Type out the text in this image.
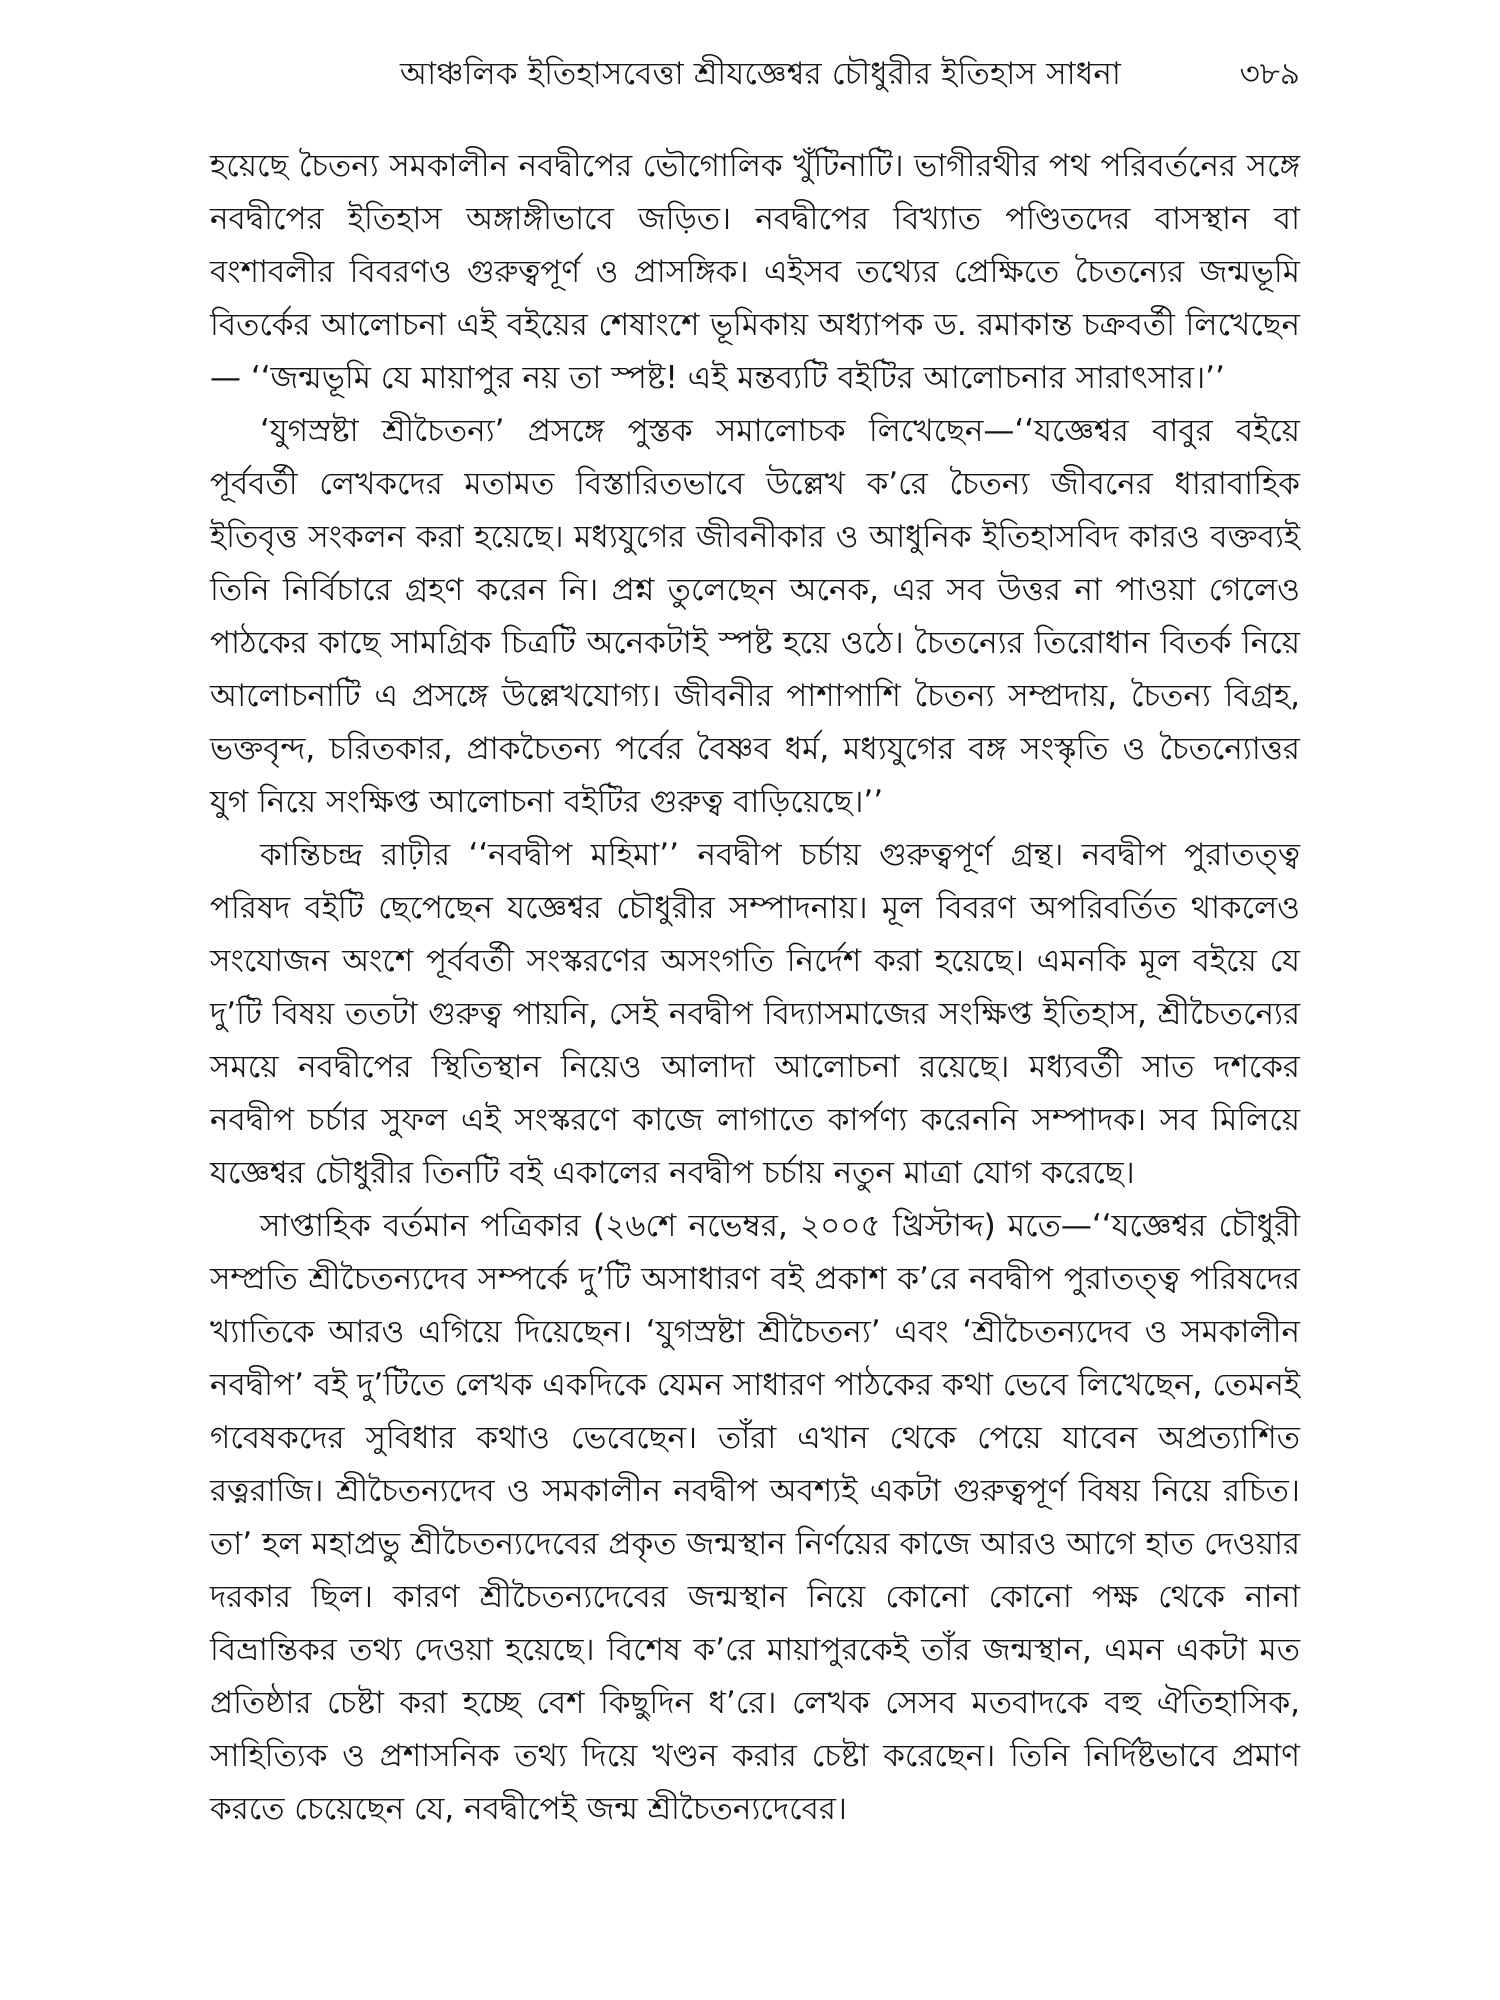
আঞ্চলিক ইতিহাসবেত্তা শ্রীযজ্ঞেশ্বর চৌধুরীর ইতিহাস সাধনা	৩৮৯

হয়েছে চৈতন্য সমকালীন নবদ্বীপের ভৌগোলিক খুঁটিনাটি। ভাগীরথীর পথ পরিবর্তনের সঙ্গে নবদ্বীপের ইতিহাস অঙ্গাঙ্গীভাবে জড়িত। নবদ্বীপের বিখ্যাত পণ্ডিতদের বাসস্থান বা বংশাবলীর বিবরণও গুরুত্বপূর্ণ ও প্রাসঙ্গিক। এইসব তথ্যের প্রেক্ষিতে চৈতন্যের জন্মভূমি বিতর্কের আলোচনা এই বইয়ের শেষাংশে ভূমিকায় অধ্যাপক ড. রমাকান্ত চক্রবর্তী লিখেছেন— ‘‘জন্মভূমি যে মায়াপুর নয় তা স্পষ্ট! এই মন্তব্যটি বইটির আলোচনার সারাৎসার।’’

‘যুগস্রষ্টা শ্রীচৈতন্য’ প্রসঙ্গে পুস্তক সমালোচক লিখেছেন—‘‘যজ্ঞেশ্বর বাবুর বইয়ে পূর্ববর্তী লেখকদের মতামত বিস্তারিতভাবে উল্লেখ ক’রে চৈতন্য জীবনের ধারাবাহিক ইতিবৃত্ত সংকলন করা হয়েছে। মধ্যযুগের জীবনীকার ও আধুনিক ইতিহাসবিদ কারও বক্তব্যই তিনি নির্বিচারে গ্রহণ করেন নি। প্রশ্ন তুলেছেন অনেক, এর সব উত্তর না পাওয়া গেলেও পাঠকের কাছে সামগ্রিক চিত্রটি অনেকটাই স্পষ্ট হয়ে ওঠে। চৈতন্যের তিরোধান বিতর্ক নিয়ে আলোচনাটি এ প্রসঙ্গে উল্লেখযোগ্য। জীবনীর পাশাপাশি চৈতন্য সম্প্রদায়, চৈতন্য বিগ্রহ, ভক্তবৃন্দ, চরিতকার, প্রাকচৈতন্য পর্বের বৈষ্ণব ধর্ম, মধ্যযুগের বঙ্গ সংস্কৃতি ও চৈতন্যোত্তর যুগ নিয়ে সংক্ষিপ্ত আলোচনা বইটির গুরুত্ব বাড়িয়েছে।’’

কান্তিচন্দ্র রাঢ়ীর ‘‘নবদ্বীপ মহিমা’’ নবদ্বীপ চর্চায় গুরুত্বপূর্ণ গ্রন্থ। নবদ্বীপ পুরাতত্ত্ব পরিষদ বইটি ছেপেছেন যজ্ঞেশ্বর চৌধুরীর সম্পাদনায়। মূল বিবরণ অপরিবর্তিত থাকলেও সংযোজন অংশে পূর্ববর্তী সংস্করণের অসংগতি নির্দেশ করা হয়েছে। এমনকি মূল বইয়ে যে দু’টি বিষয় ততটা গুরুত্ব পায়নি, সেই নবদ্বীপ বিদ্যাসমাজের সংক্ষিপ্ত ইতিহাস, শ্রীচৈতন্যের সময়ে নবদ্বীপের স্থিতিস্থান নিয়েও আলাদা আলোচনা রয়েছে। মধ্যবর্তী সাত দশকের নবদ্বীপ চর্চার সুফল এই সংস্করণে কাজে লাগাতে কার্পণ্য করেননি সম্পাদক। সব মিলিয়ে যজ্ঞেশ্বর চৌধুরীর তিনটি বই একালের নবদ্বীপ চর্চায় নতুন মাত্রা যোগ করেছে।

সাপ্তাহিক বর্তমান পত্রিকার (২৬শে নভেম্বর, ২০০৫ খ্রিস্টাব্দ) মতে—‘‘যজ্ঞেশ্বর চৌধুরী সম্প্রতি শ্রীচৈতন্যদেব সম্পর্কে দু’টি অসাধারণ বই প্রকাশ ক’রে নবদ্বীপ পুরাতত্ত্ব পরিষদের খ্যাতিকে আরও এগিয়ে দিয়েছেন। ‘যুগস্রষ্টা শ্রীচৈতন্য’ এবং ‘শ্রীচৈতন্যদেব ও সমকালীন নবদ্বীপ’ বই দু’টিতে লেখক একদিকে যেমন সাধারণ পাঠকের কথা ভেবে লিখেছেন, তেমনই গবেষকদের সুবিধার কথাও ভেবেছেন। তাঁরা এখান থেকে পেয়ে যাবেন অপ্রত্যাশিত রত্নরাজি। শ্রীচৈতন্যদেব ও সমকালীন নবদ্বীপ অবশ্যই একটা গুরুত্বপূর্ণ বিষয় নিয়ে রচিত। তা’ হল মহাপ্রভু শ্রীচৈতন্যদেবের প্রকৃত জন্মস্থান নির্ণয়ের কাজে আরও আগে হাত দেওয়ার দরকার ছিল। কারণ শ্রীচৈতন্যদেবের জন্মস্থান নিয়ে কোনো কোনো পক্ষ থেকে নানা বিভ্রান্তিকর তথ্য দেওয়া হয়েছে। বিশেষ ক’রে মায়াপুরকেই তাঁর জন্মস্থান, এমন একটা মত প্রতিষ্ঠার চেষ্টা করা হচ্ছে বেশ কিছুদিন ধ’রে। লেখক সেসব মতবাদকে বহু ঐতিহাসিক, সাহিত্যিক ও প্রশাসনিক তথ্য দিয়ে খণ্ডন করার চেষ্টা করেছেন। তিনি নির্দিষ্টভাবে প্রমাণ করতে চেয়েছেন যে, নবদ্বীপেই জন্ম শ্রীচৈতন্যদেবের।
